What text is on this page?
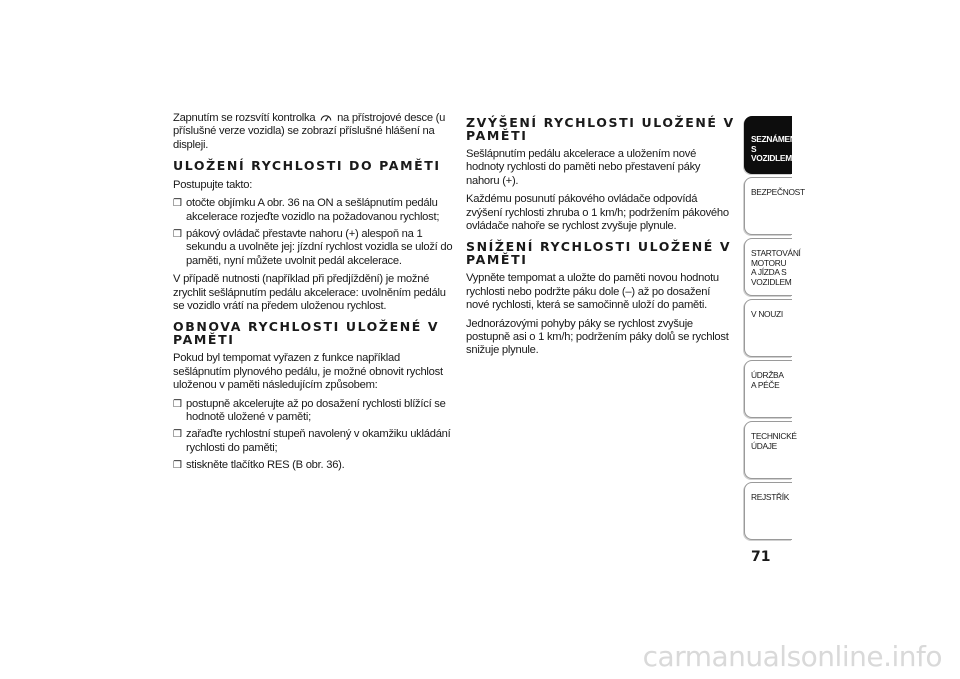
Zapnutím se rozsvítí kontrolka na přístrojové desce (u příslušné verze vozidla) se zobrazí příslušné hlášení na displeji.

ULOŽENÍ RYCHLOSTI DO PAMĚTI

Postupujte takto:

❒ otočte objímku A obr. 36 na ON a sešlápnutím pedálu akcelerace rozjeďte vozidlo na požadovanou rychlost;
❒ pákový ovládač přestavte nahoru (+) alespoň na 1 sekundu a uvolněte jej: jízdní rychlost vozidla se uloží do paměti, nyní můžete uvolnit pedál akcelerace.

V případě nutnosti (například při předjíždění) je možné zrychlit sešlápnutím pedálu akcelerace: uvolněním pedálu se vozidlo vrátí na předem uloženou rychlost.

OBNOVA RYCHLOSTI ULOŽENÉ V PAMĚTI

Pokud byl tempomat vyřazen z funkce například sešlápnutím plynového pedálu, je možné obnovit rychlost uloženou v paměti následujícím způsobem:

❒ postupně akcelerujte až po dosažení rychlosti blížící se hodnotě uložené v paměti;
❒ zařaďte rychlostní stupeň navolený v okamžiku ukládání rychlosti do paměti;
❒ stiskněte tlačítko RES (B obr. 36).
ZVÝŠENÍ RYCHLOSTI ULOŽENÉ V PAMĚTI

Sešlápnutím pedálu akcelerace a uložením nové hodnoty rychlosti do paměti nebo přestavení páky nahoru (+).

Každému posunutí pákového ovládače odpovídá zvýšení rychlosti zhruba o 1 km/h; podržením pákového ovládače nahoře se rychlost zvyšuje plynule.

SNÍŽENÍ RYCHLOSTI ULOŽENÉ V PAMĚTI

Vypněte tempomat a uložte do paměti novou hodnotu rychlosti nebo podržte páku dole (–) až po dosažení nové rychlosti, která se samočinně uloží do paměti.

Jednorázovými pohyby páky se rychlost zvyšuje postupně asi o 1 km/h; podržením páky dolů se rychlost snižuje plynule.

SEZNÁMENÍ S VOZIDLEM
BEZPEČNOST
STARTOVÁNÍ MOTORU A JÍZDA S VOZIDLEM
V NOUZI
ÚDRŽBA A PÉČE
TECHNICKÉ ÚDAJE
REJSTŘÍK
71
carmanualsonline.info
